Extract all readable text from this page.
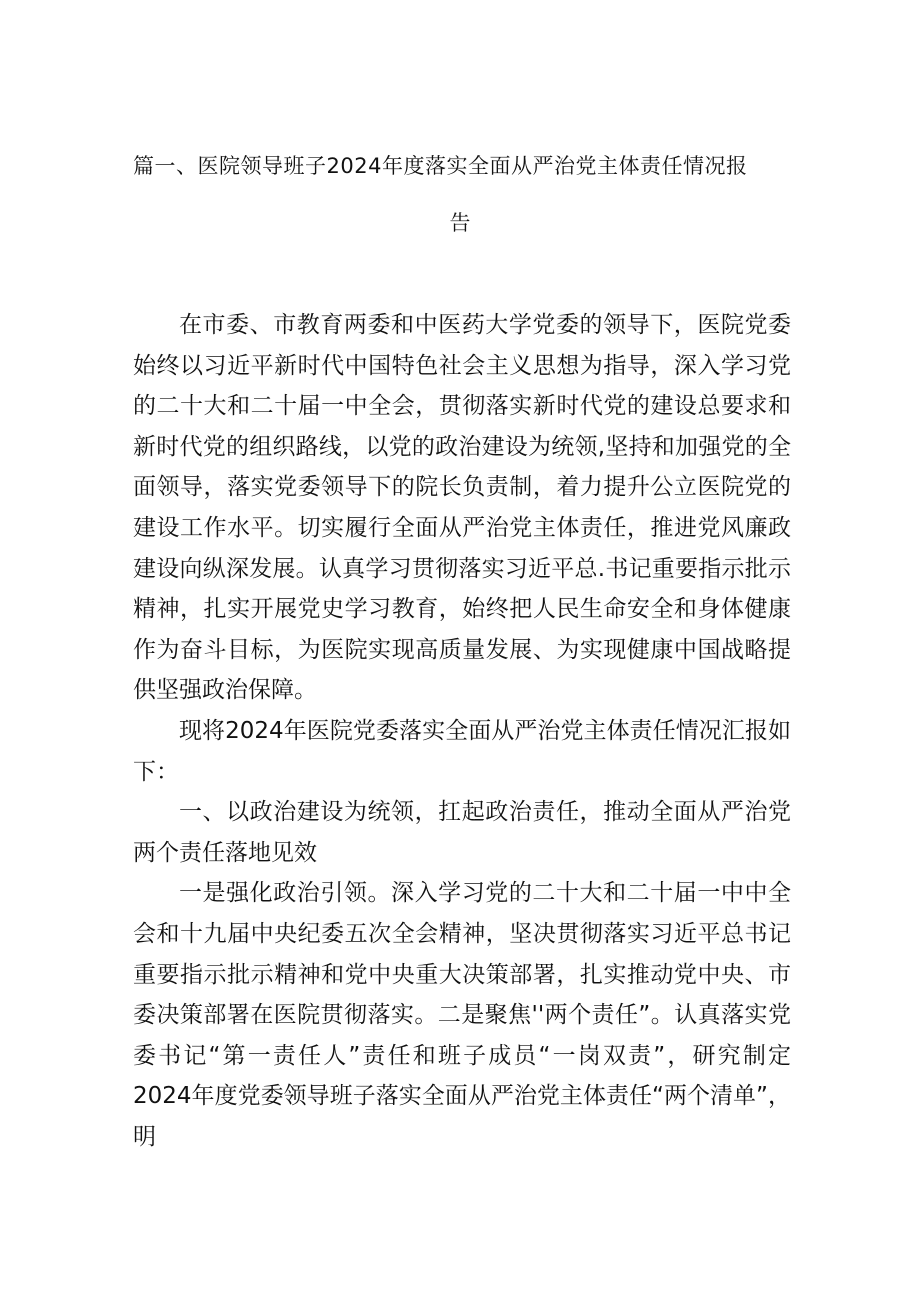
篇一、医院领导班子2024年度落实全面从严治党主体责任情况报
告

在市委、市教育两委和中医药大学党委的领导下，医院党委始终以习近平新时代中国特色社会主义思想为指导，深入学习党的二十大和二十届一中全会，贯彻落实新时代党的建设总要求和新时代党的组织路线，以党的政治建设为统领,坚持和加强党的全面领导，落实党委领导下的院长负责制，着力提升公立医院党的建设工作水平。切实履行全面从严治党主体责任，推进党风廉政建设向纵深发展。认真学习贯彻落实习近平总.书记重要指示批示精神，扎实开展党史学习教育，始终把人民生命安全和身体健康作为奋斗目标，为医院实现高质量发展、为实现健康中国战略提供坚强政治保障。

现将2024年医院党委落实全面从严治党主体责任情况汇报如下：

一、以政治建设为统领，扛起政治责任，推动全面从严治党两个责任落地见效

一是强化政治引领。深入学习党的二十大和二十届一中中全会和十九届中央纪委五次全会精神，坚决贯彻落实习近平总书记重要指示批示精神和党中央重大决策部署，扎实推动党中央、市委决策部署在医院贯彻落实。二是聚焦''两个责任”。认真落实党委书记“第一责任人”责任和班子成员“一岗双责”，研究制定2024年度党委领导班子落实全面从严治党主体责任“两个清单”，明
